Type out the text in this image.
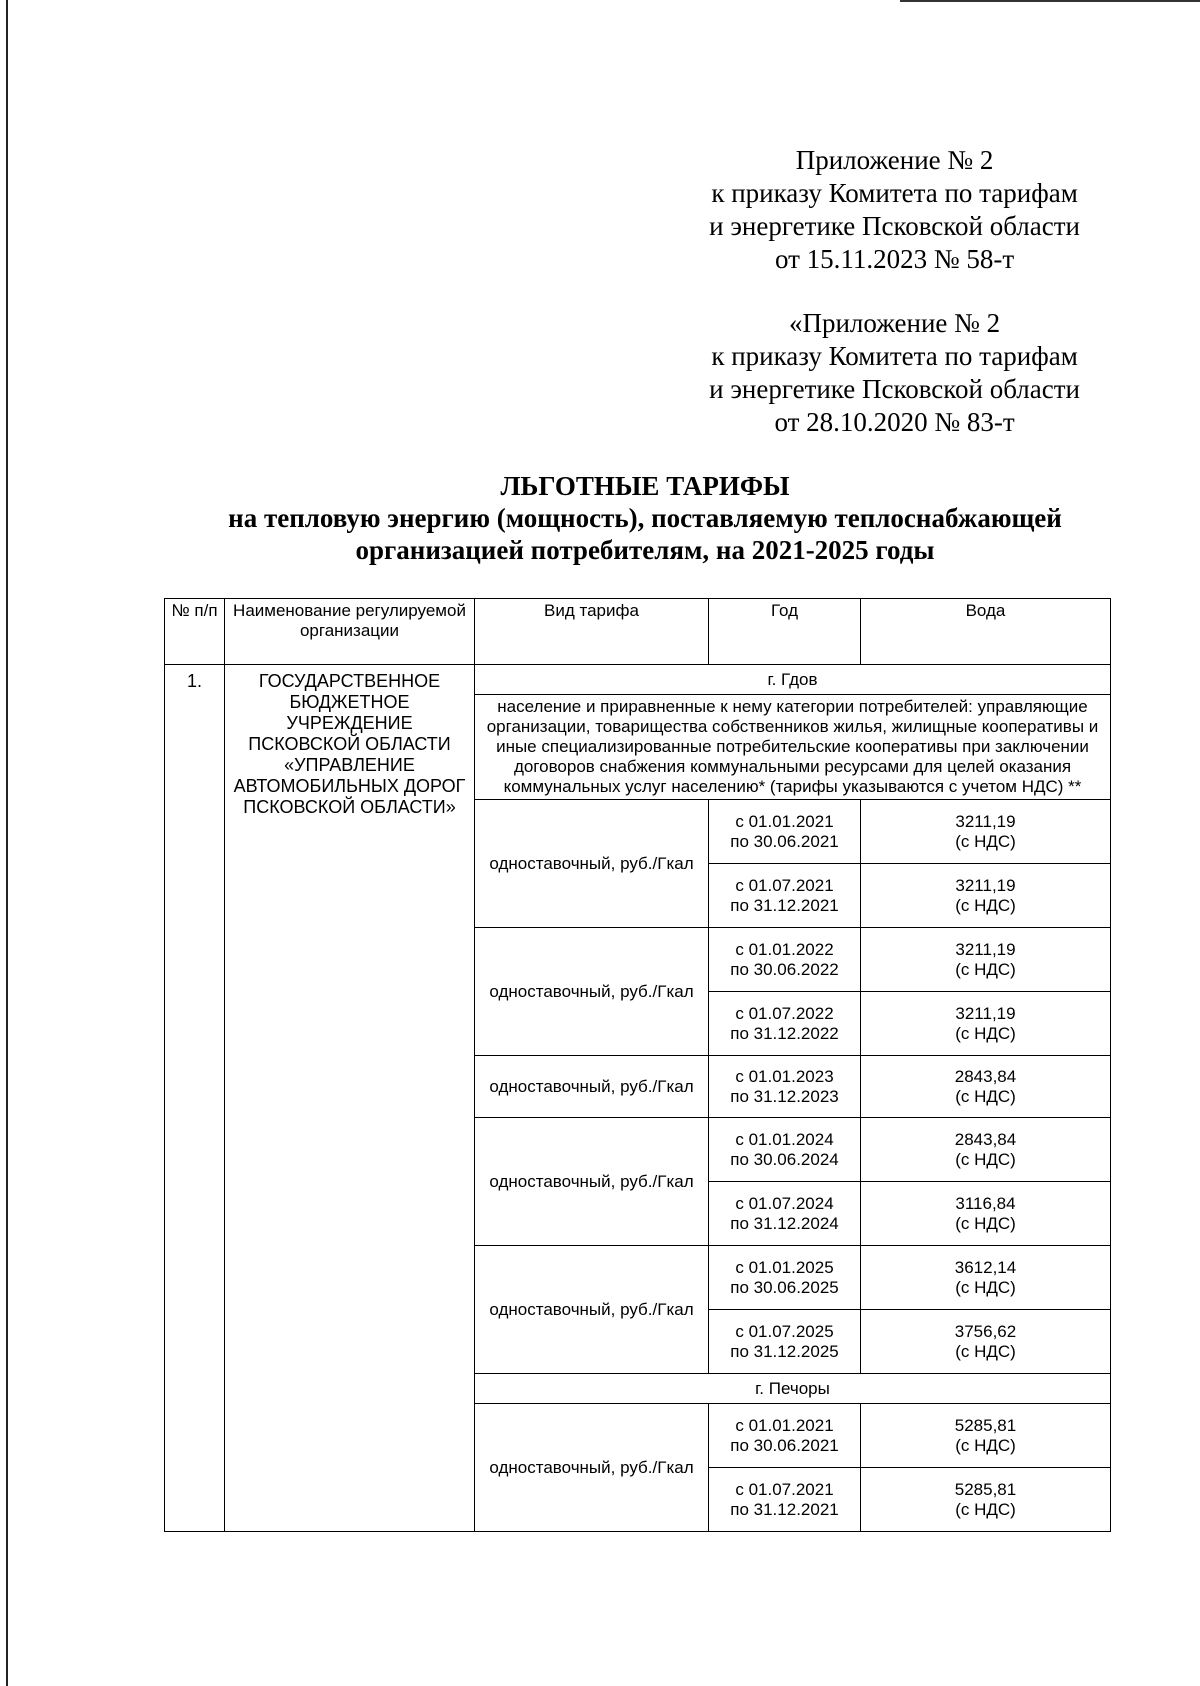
Приложение № 2
к приказу Комитета по тарифам
и энергетике Псковской области
от 15.11.2023 № 58-т
«Приложение № 2
к приказу Комитета по тарифам
и энергетике Псковской области
от 28.10.2020 № 83-т
ЛЬГОТНЫЕ ТАРИФЫ
на тепловую энергию (мощность), поставляемую теплоснабжающей
организацией потребителям, на 2021-2025 годы
№ п/п	Наименование регулируемой организации	Вид тарифа	Год	Вода
1.	ГОСУДАРСТВЕННОЕ БЮДЖЕТНОЕ УЧРЕЖДЕНИЕ ПСКОВСКОЙ ОБЛАСТИ «УПРАВЛЕНИЕ АВТОМОБИЛЬНЫХ ДОРОГ ПСКОВСКОЙ ОБЛАСТИ»	г. Гдов		
		население и приравненные к нему категории потребителей: управляющие организации, товарищества собственников жилья, жилищные кооперативы и иные специализированные потребительские кооперативы при заключении договоров снабжения коммунальными ресурсами для целей оказания коммунальных услуг населению* (тарифы указываются с учетом НДС) **		
		одноставочный, руб./Гкал	с 01.01.2021
по 30.06.2021	3211,19
(с НДС)

			с 01.07.2021
по 31.12.2021	3211,19
(с НДС)

		одноставочный, руб./Гкал	с 01.01.2022
по 30.06.2022	3211,19
(с НДС)

			с 01.07.2022
по 31.12.2022	3211,19
(с НДС)

		одноставочный, руб./Гкал	с 01.01.2023
по 31.12.2023	2843,84
(с НДС)

		одноставочный, руб./Гкал	с 01.01.2024
по 30.06.2024	2843,84
(с НДС)

			с 01.07.2024
по 31.12.2024	3116,84
(с НДС)

		одноставочный, руб./Гкал	с 01.01.2025
по 30.06.2025	3612,14
(с НДС)

			с 01.07.2025
по 31.12.2025	3756,62
(с НДС)

		г. Печоры		
		одноставочный, руб./Гкал	с 01.01.2021
по 30.06.2021	5285,81
(с НДС)

			с 01.07.2021
по 31.12.2021	5285,81
(с НДС)
